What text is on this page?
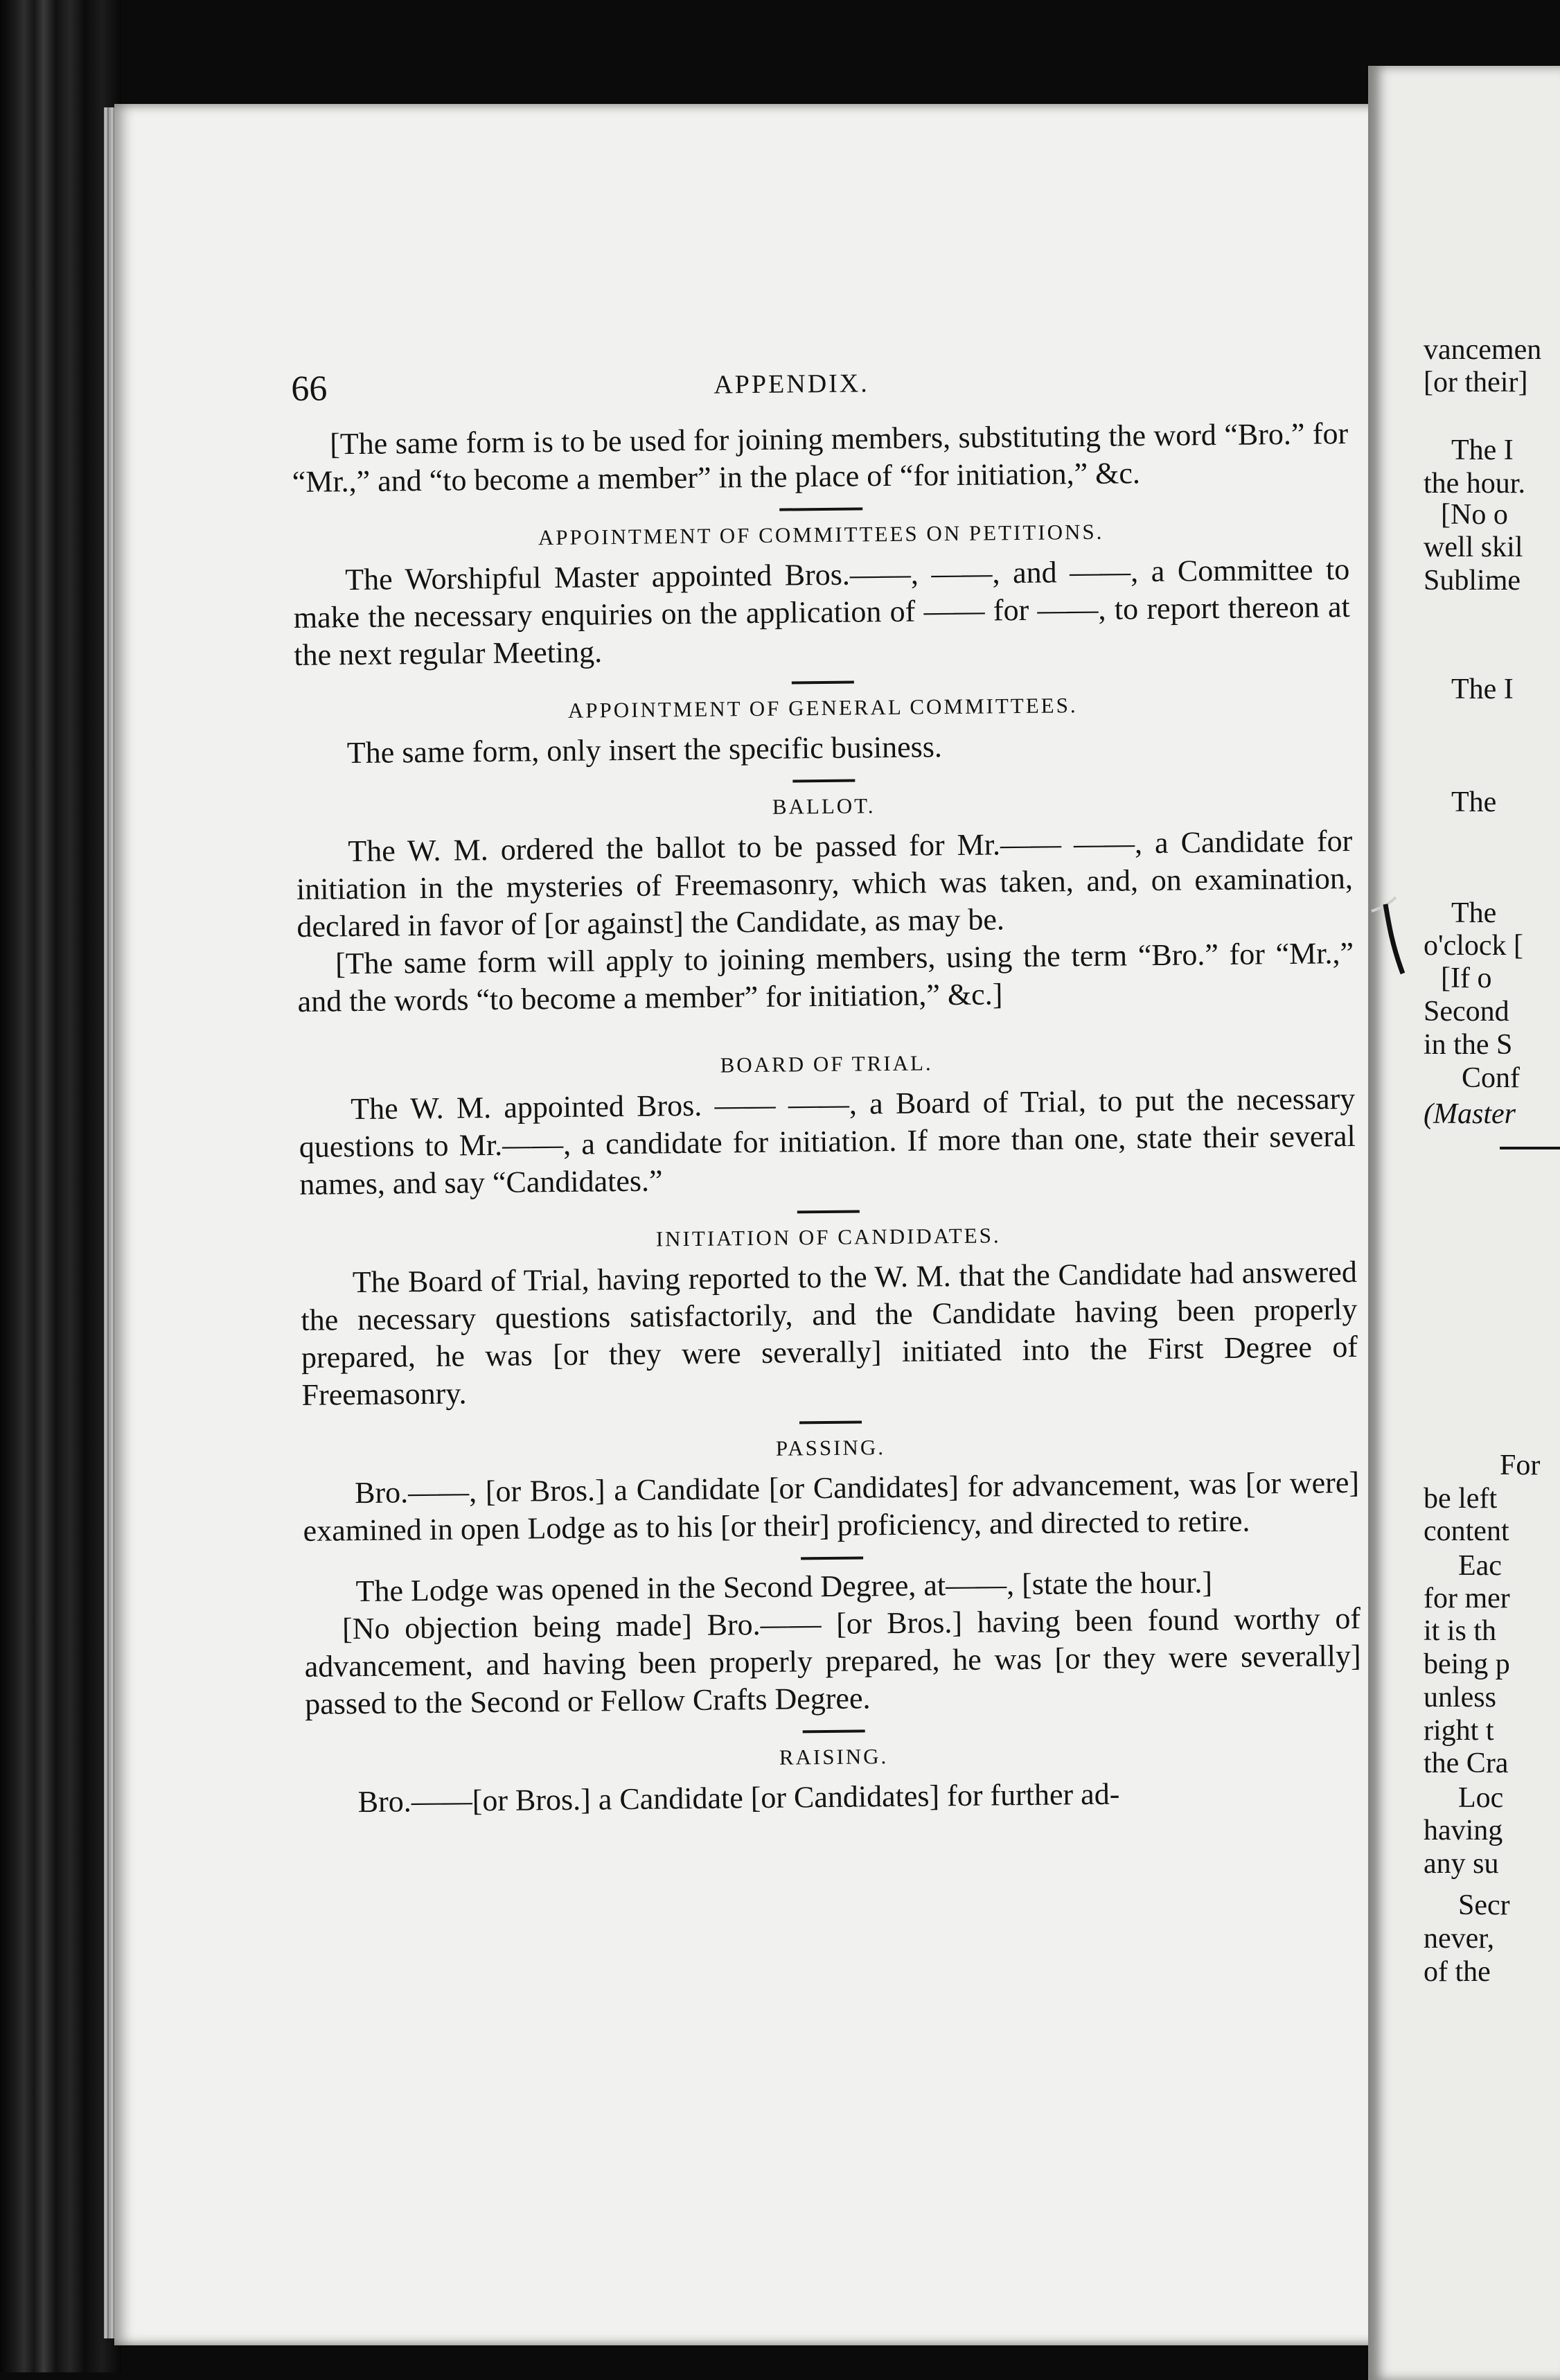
66	APPENDIX.

[The same form is to be used for joining members, substituting the word “Bro.” for “Mr.,” and “to become a member” in the place of “for initiation,” &c.

APPOINTMENT OF COMMITTEES ON PETITIONS.

The Worshipful Master appointed Bros.——, ——, and ——, a Committee to make the necessary enquiries on the application of —— for ——, to report thereon at the next regular Meeting.

APPOINTMENT OF GENERAL COMMITTEES.

The same form, only insert the specific business.

BALLOT.

The W. M. ordered the ballot to be passed for Mr.—— ——, a Candidate for initiation in the mysteries of Freemasonry, which was taken, and, on examination, declared in favor of [or against] the Candidate, as may be.

[The same form will apply to joining members, using the term “Bro.” for “Mr.,” and the words “to become a member” for initiation,” &c.]

BOARD OF TRIAL.

The W. M. appointed Bros. —— ——, a Board of Trial, to put the necessary questions to Mr.——, a candidate for initiation. If more than one, state their several names, and say “Candidates.”

INITIATION OF CANDIDATES.

The Board of Trial, having reported to the W. M. that the Candidate had answered the necessary questions satisfactorily, and the Candidate having been properly prepared, he was [or they were severally] initiated into the First Degree of Freemasonry.

PASSING.

Bro.——, [or Bros.] a Candidate [or Candidates] for advancement, was [or were] examined in open Lodge as to his [or their] proficiency, and directed to retire.

The Lodge was opened in the Second Degree, at——, [state the hour.]

[No objection being made] Bro.—— [or Bros.] having been found worthy of advancement, and having been properly prepared, he was [or they were severally] passed to the Second or Fellow Crafts Degree.

RAISING.

Bro.——[or Bros.] a Candidate [or Candidates] for further ad-

vancemen
[or their]
The I
the hour.
[No o
well skil
Sublime
The I
The
The
o'clock [
[If o
Second
in the S
Conf
(Master
For
be left
content
Eac
for mer
it is th
being p
unless
right t
the Cra
Loc
having
any su
Secr
never,
of the
